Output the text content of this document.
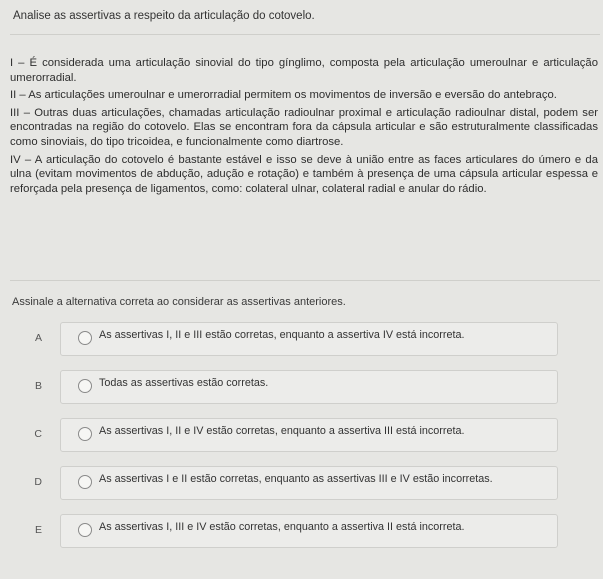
Analise as assertivas a respeito da articulação do cotovelo.

I – É considerada uma articulação sinovial do tipo gínglimo, composta pela articulação umeroulnar e articulação umerorradial.

II – As articulações umeroulnar e umerorradial permitem os movimentos de inversão e eversão do antebraço.

III – Outras duas articulações, chamadas articulação radioulnar proximal e articulação radioulnar distal, podem ser encontradas na região do cotovelo. Elas se encontram fora da cápsula articular e são estruturalmente classificadas como sinoviais, do tipo tricoidea, e funcionalmente como diartrose.

IV – A articulação do cotovelo é bastante estável e isso se deve à união entre as faces articulares do úmero e da ulna (evitam movimentos de abdução, adução e rotação) e também à presença de uma cápsula articular espessa e reforçada pela presença de ligamentos, como: colateral ulnar, colateral radial e anular do rádio.

Assinale a alternativa correta ao considerar as assertivas anteriores.
A	As assertivas I, II e III estão corretas, enquanto a assertiva IV está incorreta.
B	Todas as assertivas estão corretas.
C	As assertivas I, II e IV estão corretas, enquanto a assertiva III está incorreta.
D	As assertivas I e II estão corretas, enquanto as assertivas III e IV estão incorretas.
E	As assertivas I, III e IV estão corretas, enquanto a assertiva II está incorreta.
